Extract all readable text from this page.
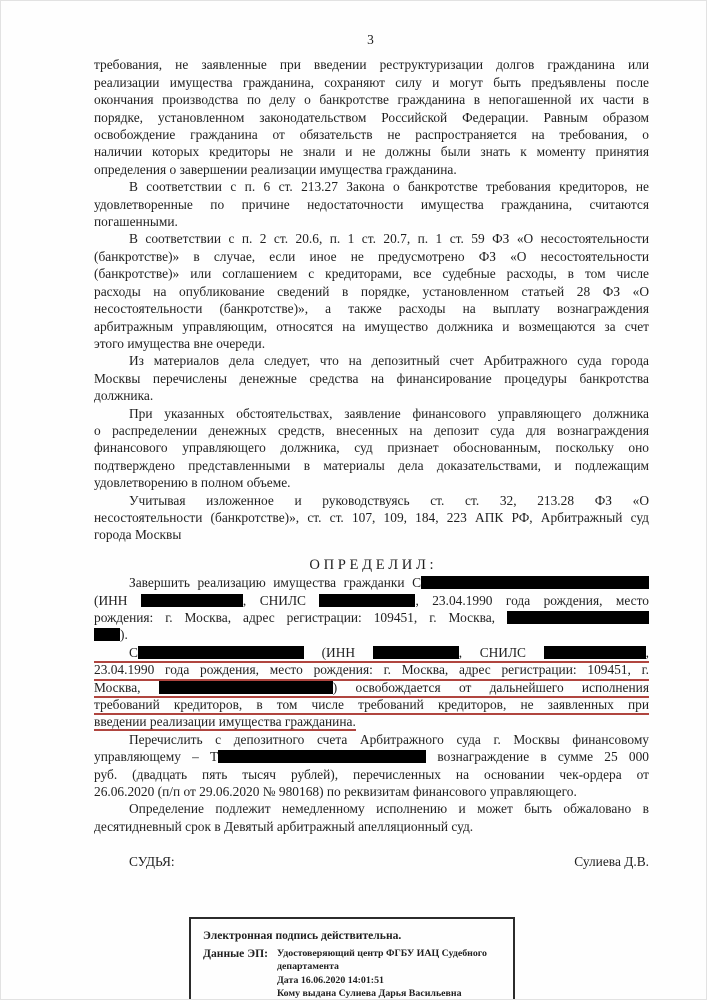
3
требования, не заявленные при введении реструктуризации долгов гражданина или
реализации имущества гражданина, сохраняют силу и могут быть предъявлены после
окончания производства по делу о банкротстве гражданина в непогашенной их части в
порядке, установленном законодательством Российской Федерации. Равным образом
освобождение гражданина от обязательств не распространяется на требования, о
наличии которых кредиторы не знали и не должны были знать к моменту принятия
определения о завершении реализации имущества гражданина.
В соответствии с п. 6 ст. 213.27 Закона о банкротстве требования кредиторов, не
удовлетворенные по причине недостаточности имущества гражданина, считаются
погашенными.
В соответствии с п. 2 ст. 20.6, п. 1 ст. 20.7, п. 1 ст. 59 ФЗ «О несостоятельности
(банкротстве)» в случае, если иное не предусмотрено ФЗ «О несостоятельности
(банкротстве)» или соглашением с кредиторами, все судебные расходы, в том числе
расходы на опубликование сведений в порядке, установленном статьей 28 ФЗ «О
несостоятельности (банкротстве)», а также расходы на выплату вознаграждения
арбитражным управляющим, относятся на имущество должника и возмещаются за счет
этого имущества вне очереди.
Из материалов дела следует, что на депозитный счет Арбитражного суда города
Москвы перечислены денежные средства на финансирование процедуры банкротства
должника.
При указанных обстоятельствах, заявление финансового управляющего должника
о распределении денежных средств, внесенных на депозит суда для вознаграждения
финансового управляющего должника, суд признает обоснованным, поскольку оно
подтверждено представленными в материалы дела доказательствами, и подлежащим
удовлетворению в полном объеме.
Учитывая изложенное и руководствуясь ст. ст. 32, 213.28 ФЗ «О
несостоятельности (банкротстве)», ст. ст. 107, 109, 184, 223 АПК РФ, Арбитражный суд
города Москвы
О П Р Е Д Е Л И Л :
Завершить реализацию имущества гражданки С
(ИНН	, СНИЛС	, 23.04.1990 года рождения, место
рождения: г. Москва, адрес регистрации: 109451, г. Москва,
).
С	(ИНН	, СНИЛС	,
23.04.1990 года рождения, место рождения: г. Москва, адрес регистрации: 109451, г.
Москва,	) освобождается от дальнейшего исполнения
требований кредиторов, в том числе требований кредиторов, не заявленных при
введении реализации имущества гражданина.
Перечислить с депозитного счета Арбитражного суда г. Москвы финансовому
управляющему – Т	вознаграждение в сумме 25 000
руб. (двадцать пять тысяч рублей), перечисленных на основании чек-ордера от
26.06.2020 (п/п от 29.06.2020 № 980168) по реквизитам финансового управляющего.
Определение подлежит немедленному исполнению и может быть обжаловано в
десятидневный срок в Девятый арбитражный апелляционный суд.
СУДЬЯ:	Сулиева Д.В.
Электронная подпись действительна.
Данные ЭП: Удостоверяющий центр ФГБУ ИАЦ Судебного департамента
Дата 16.06.2020 14:01:51
Кому выдана Сулиева Дарья Васильевна
